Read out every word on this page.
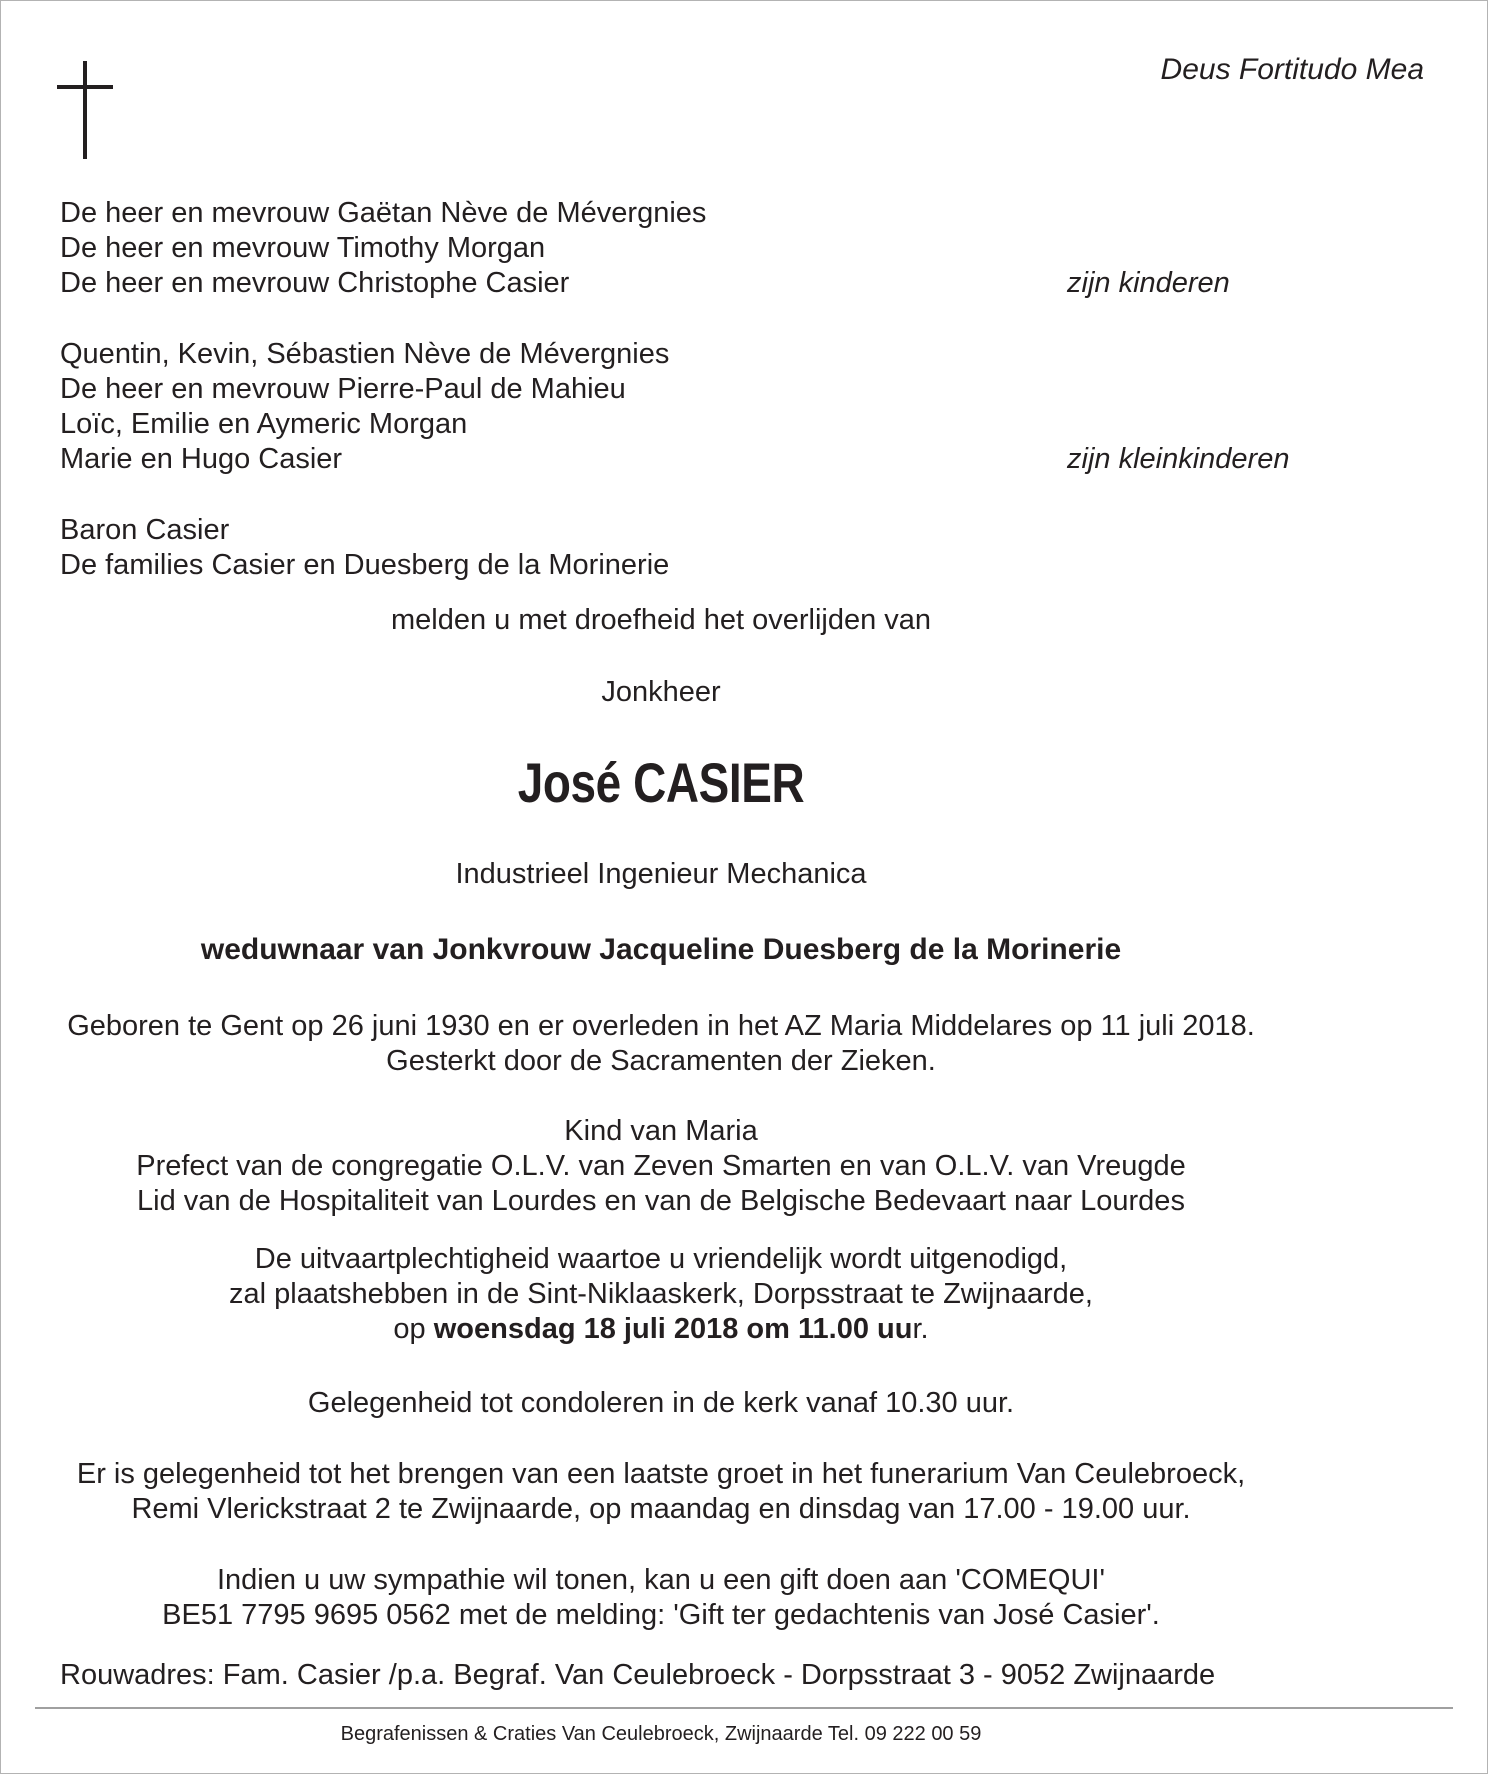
Deus Fortitudo Mea
De heer en mevrouw Gaëtan Nève de Mévergnies
De heer en mevrouw Timothy Morgan
De heer en mevrouw Christophe Casier	zijn kinderen
Quentin, Kevin, Sébastien Nève de Mévergnies
De heer en mevrouw Pierre-Paul de Mahieu
Loïc, Emilie en Aymeric Morgan
Marie en Hugo Casier	zijn kleinkinderen
Baron Casier
De families Casier en Duesberg de la Morinerie
melden u met droefheid het overlijden van
Jonkheer
José CASIER
Industrieel Ingenieur Mechanica
weduwnaar van Jonkvrouw Jacqueline Duesberg de la Morinerie
Geboren te Gent op 26 juni 1930 en er overleden in het AZ Maria Middelares op 11 juli 2018.
Gesterkt door de Sacramenten der Zieken.
Kind van Maria
Prefect van de congregatie O.L.V. van Zeven Smarten en van O.L.V. van Vreugde
Lid van de Hospitaliteit van Lourdes en van de Belgische Bedevaart naar Lourdes
De uitvaartplechtigheid waartoe u vriendelijk wordt uitgenodigd,
zal plaatshebben in de Sint-Niklaaskerk, Dorpsstraat te Zwijnaarde,
op woensdag 18 juli 2018 om 11.00 uur.
Gelegenheid tot condoleren in de kerk vanaf 10.30 uur.
Er is gelegenheid tot het brengen van een laatste groet in het funerarium Van Ceulebroeck,
Remi Vlerickstraat 2 te Zwijnaarde, op maandag en dinsdag van 17.00 - 19.00 uur.
Indien u uw sympathie wil tonen, kan u een gift doen aan 'COMEQUI'
BE51 7795 9695 0562 met de melding: 'Gift ter gedachtenis van José Casier'.
Rouwadres: Fam. Casier /p.a. Begraf. Van Ceulebroeck - Dorpsstraat 3 - 9052 Zwijnaarde
Begrafenissen & Craties Van Ceulebroeck, Zwijnaarde Tel. 09 222 00 59
